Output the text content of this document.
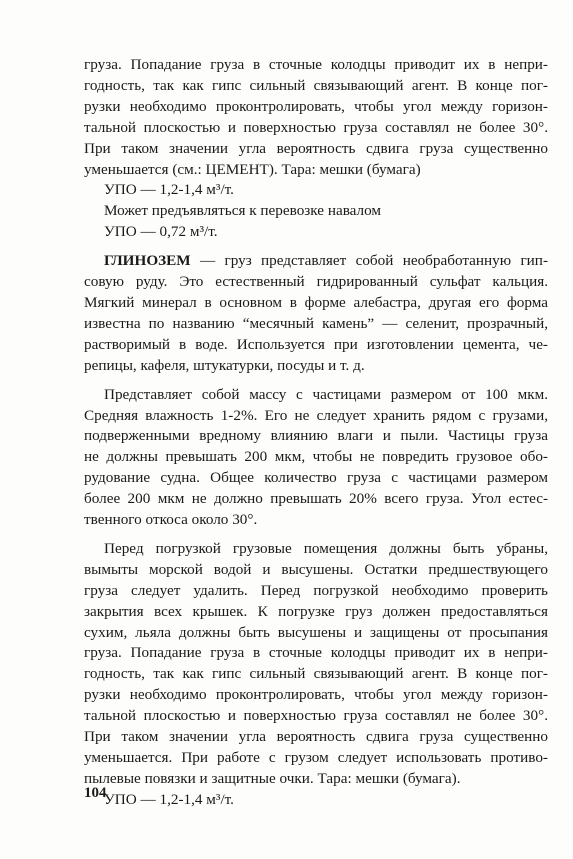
груза. Попадание груза в сточные колодцы приводит их в непри-
годность, так как гипс сильный связывающий агент. В конце пог-
рузки необходимо проконтролировать, чтобы угол между горизон-
тальной плоскостью и поверхностью груза составлял не более 30°.
При таком значении угла вероятность сдвига груза существенно
уменьшается (см.: ЦЕМЕНТ). Тара: мешки (бумага)
УПО — 1,2-1,4 м³/т.
Может предъявляться к перевозке навалом
УПО — 0,72 м³/т.
ГЛИНОЗЕМ — груз представляет собой необработанную гип-
совую руду. Это естественный гидрированный сульфат кальция.
Мягкий минерал в основном в форме алебастра, другая его форма
известна по названию “месячный камень” — селенит, прозрачный,
растворимый в воде. Используется при изготовлении цемента, че-
репицы, кафеля, штукатурки, посуды и т. д.
Представляет собой массу с частицами размером от 100 мкм.
Средняя влажность 1-2%. Его не следует хранить рядом с грузами,
подверженными вредному влиянию влаги и пыли. Частицы груза
не должны превышать 200 мкм, чтобы не повредить грузовое обо-
рудование судна. Общее количество груза с частицами размером
более 200 мкм не должно превышать 20% всего груза. Угол естес-
твенного откоса около 30°.
Перед погрузкой грузовые помещения должны быть убраны,
вымыты морской водой и высушены. Остатки предшествующего
груза следует удалить. Перед погрузкой необходимо проверить
закрытия всех крышек. К погрузке груз должен предоставляться
сухим, льяла должны быть высушены и защищены от просыпания
груза. Попадание груза в сточные колодцы приводит их в непри-
годность, так как гипс сильный связывающий агент. В конце пог-
рузки необходимо проконтролировать, чтобы угол между горизон-
тальной плоскостью и поверхностью груза составлял не более 30°.
При таком значении угла вероятность сдвига груза существенно
уменьшается. При работе с грузом следует использовать противо-
пылевые повязки и защитные очки. Тара: мешки (бумага).
УПО — 1,2-1,4 м³/т.
104
